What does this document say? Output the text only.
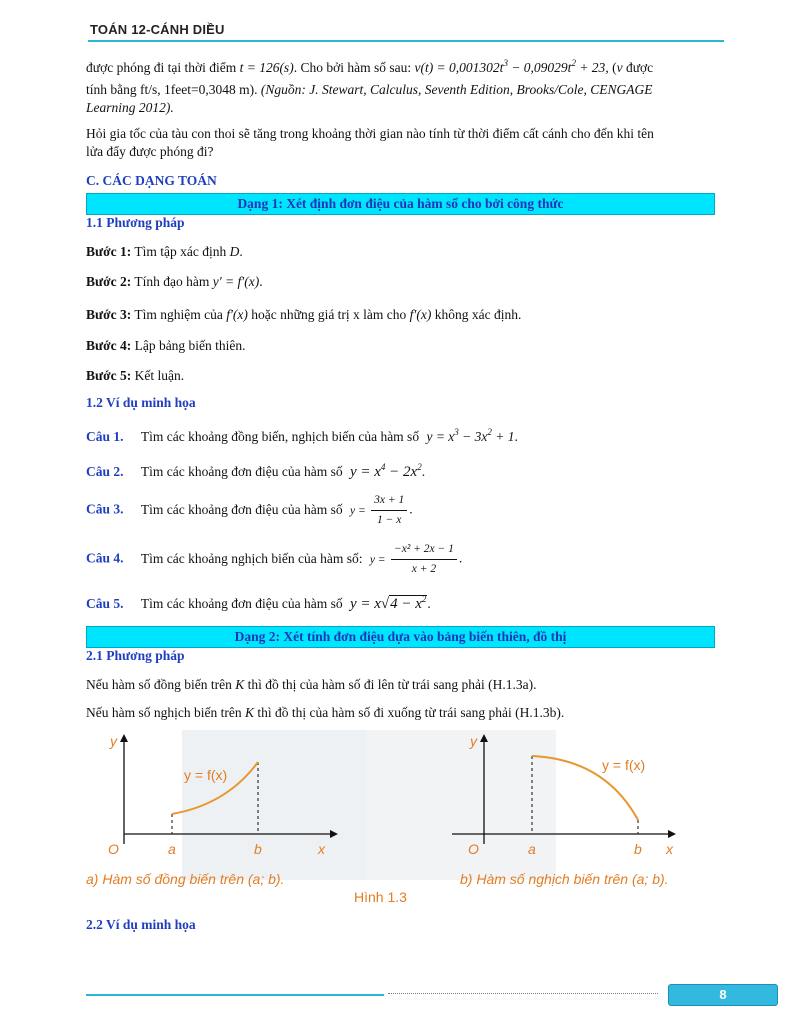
TOÁN 12-CÁNH DIỀU
được phóng đi tại thời điểm t = 126(s). Cho bởi hàm số sau: $v(t) = 0,001302t^3 - 0,09029t^2 + 23$, (v được
tính bằng ft/s, 1feet=0,3048 m). (Nguồn: J. Stewart, Calculus, Seventh Edition, Brooks/Cole, CENGAGE
Learning 2012).
Hỏi gia tốc của tàu con thoi sẽ tăng trong khoảng thời gian nào tính từ thời điểm cất cánh cho đến khi tên
lửa đẩy được phóng đi?
C. CÁC DẠNG TOÁN
Dạng 1: Xét định đơn điệu của hàm số cho bởi công thức
1.1 Phương pháp
Bước 1: Tìm tập xác định D.
Bước 2: Tính đạo hàm y′ = f′(x).
Bước 3: Tìm nghiệm của f′(x) hoặc những giá trị x làm cho f′(x) không xác định.
Bước 4: Lập bảng biến thiên.
Bước 5: Kết luận.
1.2 Ví dụ minh họa
Câu 1. Tìm các khoảng đồng biến, nghịch biến của hàm số $y = x^3 - 3x^2 + 1$.
Câu 2. Tìm các khoảng đơn điệu của hàm số $y = x^4 - 2x^2$.
Câu 3. Tìm các khoảng đơn điệu của hàm số $y = \frac{3x + 1}{1 - x}$ .
Câu 4. Tìm các khoảng nghịch biến của hàm số: $y = \frac{\text{−x² + 2x − 1}}{x + 2}$ .
Câu 5. Tìm các khoảng đơn điệu của hàm số $y = x√4 - x^2$.
Dạng 2: Xét tính đơn điệu dựa vào bảng biến thiên, đồ thị
2.1 Phương pháp
Nếu hàm số đồng biến trên K thì đồ thị của hàm số đi lên từ trái sang phải (H.1.3a).
Nếu hàm số nghịch biến trên K thì đồ thị của hàm số đi xuống từ trái sang phải (H.1.3b).
y
x
O	a	b
y = f(x)
a) Hàm số đồng biến trên (a; b).
y
x
O	a	b
y = f(x)
b) Hàm số nghịch biến trên (a; b).
Hình 1.3
2.2 Ví dụ minh họa
8
